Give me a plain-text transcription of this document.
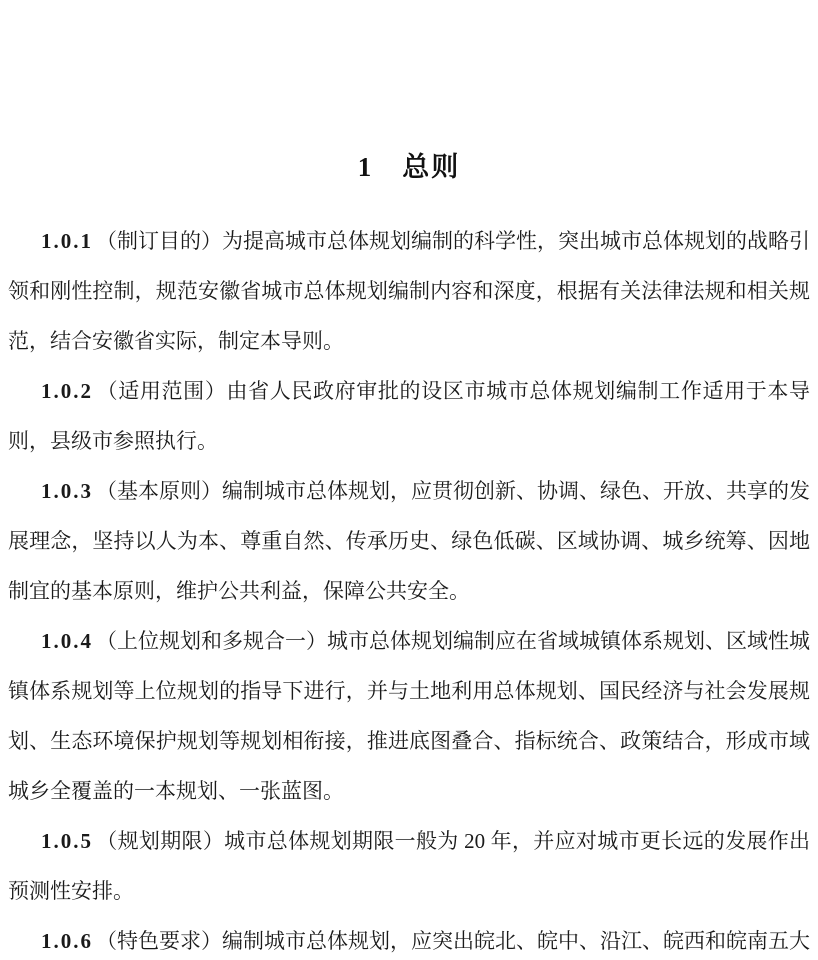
1　总则

1.0.1 （制订目的）为提高城市总体规划编制的科学性，突出城市总体规划的战略引领和刚性控制，规范安徽省城市总体规划编制内容和深度，根据有关法律法规和相关规范，结合安徽省实际，制定本导则。

1.0.2 （适用范围）由省人民政府审批的设区市城市总体规划编制工作适用于本导则，县级市参照执行。

1.0.3 （基本原则）编制城市总体规划，应贯彻创新、协调、绿色、开放、共享的发展理念，坚持以人为本、尊重自然、传承历史、绿色低碳、区域协调、城乡统筹、因地制宜的基本原则，维护公共利益，保障公共安全。

1.0.4 （上位规划和多规合一）城市总体规划编制应在省域城镇体系规划、区域性城镇体系规划等上位规划的指导下进行，并与土地利用总体规划、国民经济与社会发展规划、生态环境保护规划等规划相衔接，推进底图叠合、指标统合、政策结合，形成市域城乡全覆盖的一本规划、一张蓝图。

1.0.5 （规划期限）城市总体规划期限一般为 20 年，并应对城市更长远的发展作出预测性安排。

1.0.6 （特色要求）编制城市总体规划，应突出皖北、皖中、沿江、皖西和皖南五大
